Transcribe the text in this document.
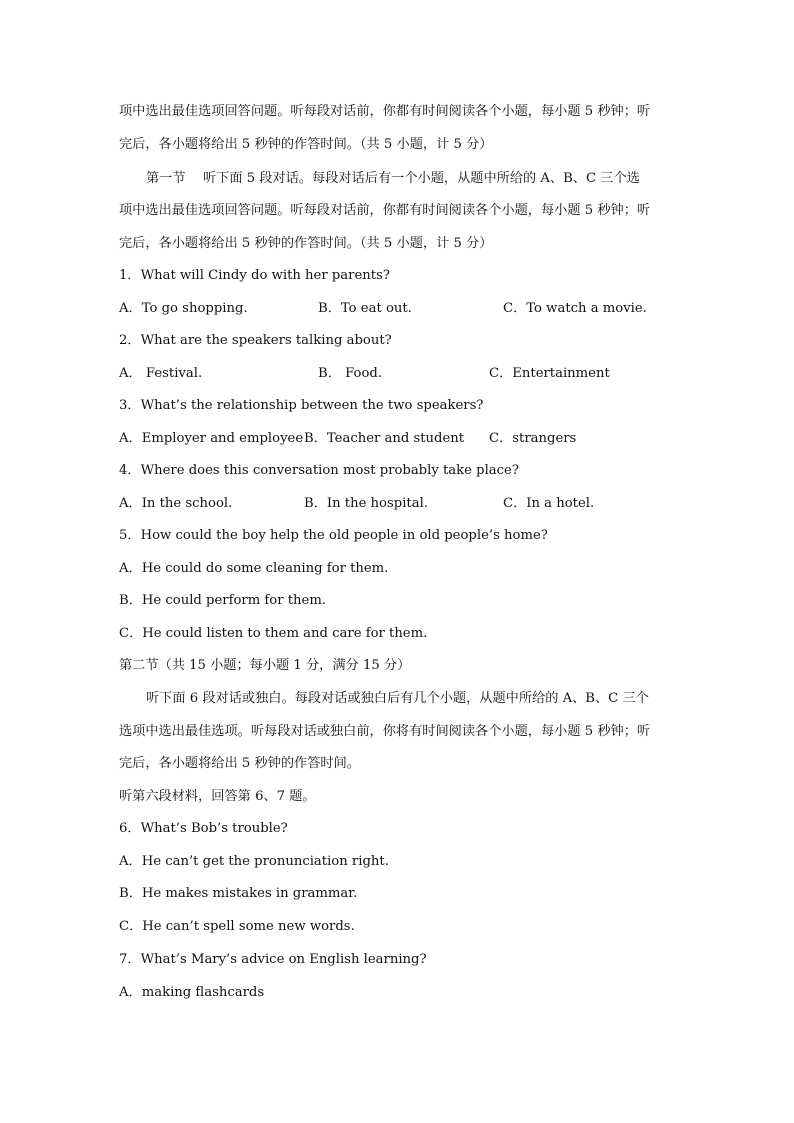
项中选出最佳选项回答问题。听每段对话前，你都有时间阅读各个小题，每小题 5 秒钟；听
完后，各小题将给出 5 秒钟的作答时间。（共 5 小题，计 5 分）
第一节　 听下面 5 段对话。每段对话后有一个小题，从题中所给的 A、B、C 三个选
项中选出最佳选项回答问题。听每段对话前，你都有时间阅读各个小题，每小题 5 秒钟；听
完后，各小题将给出 5 秒钟的作答时间。（共 5 小题，计 5 分）
1．What will Cindy do with her parents?
A．To go shopping.	B．To eat out.	C．To watch a movie.
2．What are the speakers talking about?
A． Festival.	B． Food.	C．Entertainment
3．What’s the relationship between the two speakers?
A．Employer and employee B．Teacher and student C．strangers
4．Where does this conversation most probably take place?
A．In the school.	B．In the hospital.	C．In a hotel.
5．How could the boy help the old people in old people’s home?
A．He could do some cleaning for them.
B．He could perform for them.
C．He could listen to them and care for them.
第二节（共 15 小题；每小题 1 分，满分 15 分）
听下面 6 段对话或独白。每段对话或独白后有几个小题，从题中所给的 A、B、C 三个
选项中选出最佳选项。听每段对话或独白前，你将有时间阅读各个小题，每小题 5 秒钟；听
完后，各小题将给出 5 秒钟的作答时间。
听第六段材料，回答第 6、7 题。
6．What’s Bob’s trouble?
A．He can’t get the pronunciation right.
B．He makes mistakes in grammar.
C．He can’t spell some new words.
7．What’s Mary’s advice on English learning?
A．making flashcards
